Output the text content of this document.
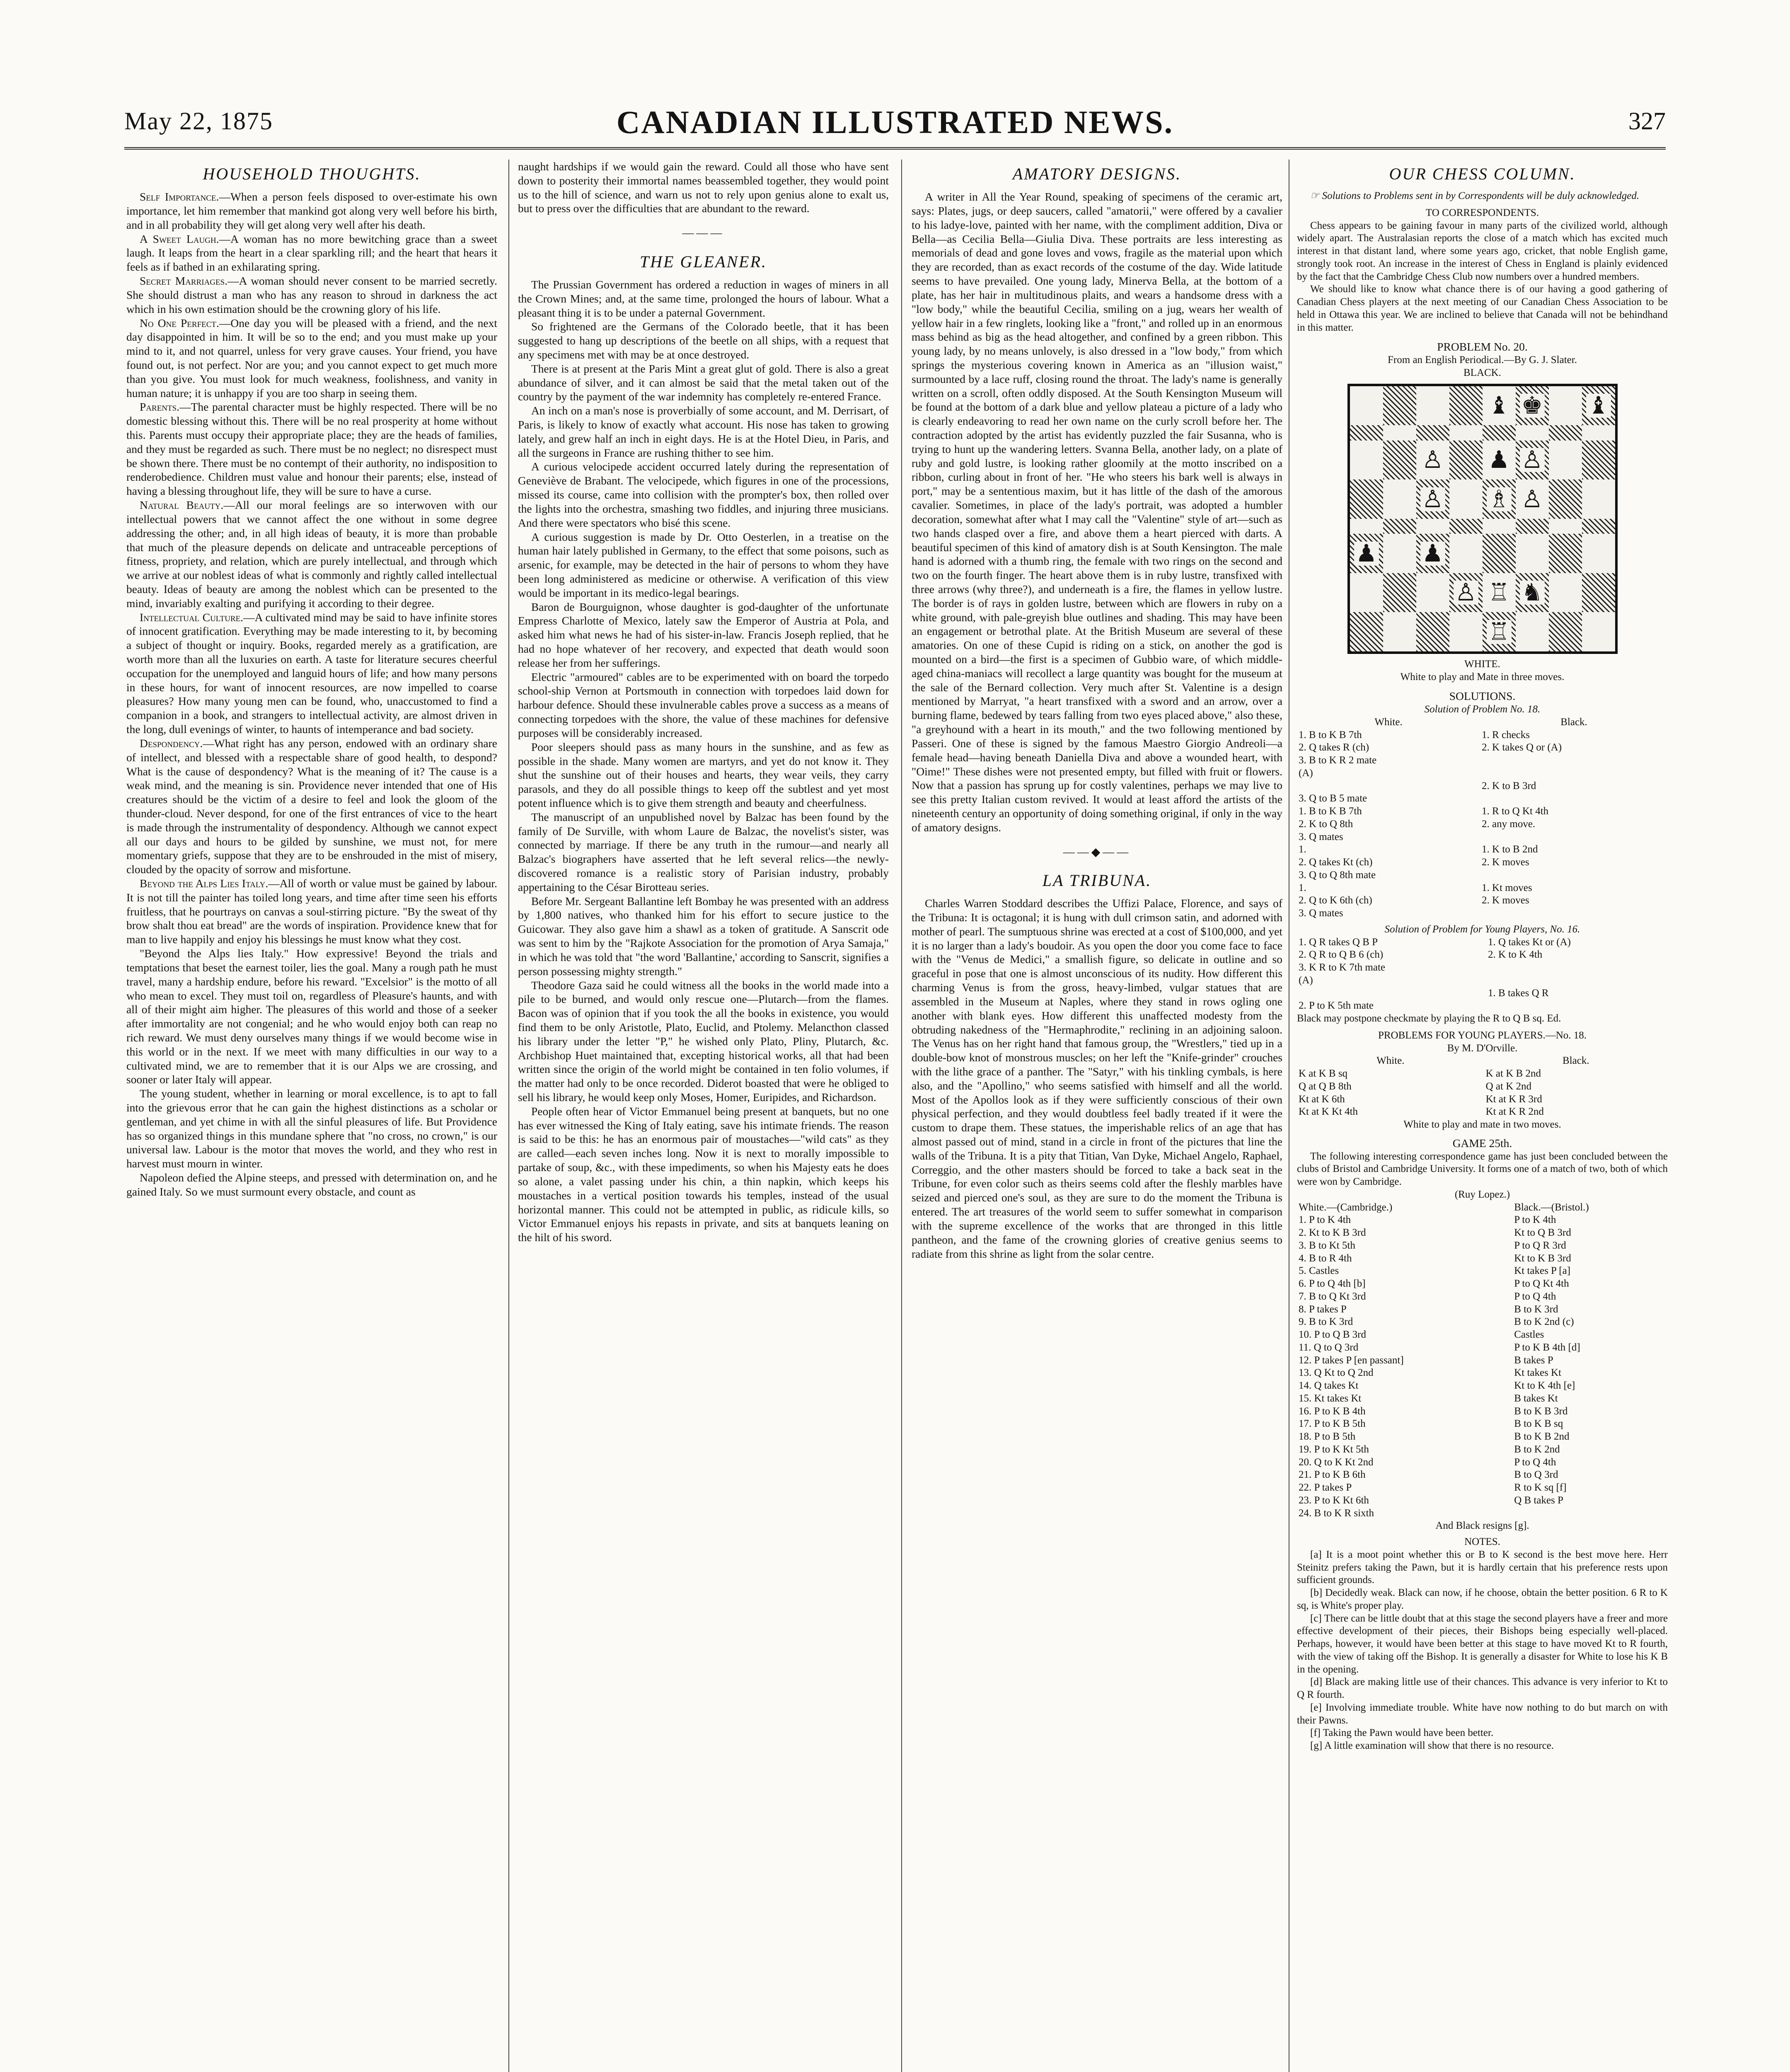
May 22, 1875	CANADIAN ILLUSTRATED NEWS.	327
HOUSEHOLD THOUGHTS.

Self Importance.—When a person feels disposed to over-estimate his own importance, let him remember that mankind got along very well before his birth, and in all probability they will get along very well after his death.

A Sweet Laugh.—A woman has no more bewitching grace than a sweet laugh. It leaps from the heart in a clear sparkling rill; and the heart that hears it feels as if bathed in an exhilarating spring.

Secret Marriages.—A woman should never consent to be married secretly. She should distrust a man who has any reason to shroud in darkness the act which in his own estimation should be the crowning glory of his life.

No One Perfect.—One day you will be pleased with a friend, and the next day disappointed in him. It will be so to the end; and you must make up your mind to it, and not quarrel, unless for very grave causes. Your friend, you have found out, is not perfect. Nor are you; and you cannot expect to get much more than you give. You must look for much weakness, foolishness, and vanity in human nature; it is unhappy if you are too sharp in seeing them.

Parents.—The parental character must be highly respected. There will be no domestic blessing without this. There will be no real prosperity at home without this. Parents must occupy their appropriate place; they are the heads of families, and they must be regarded as such. There must be no neglect; no disrespect must be shown there. There must be no contempt of their authority, no indisposition to renderobedience. Children must value and honour their parents; else, instead of having a blessing throughout life, they will be sure to have a curse.

Natural Beauty.—All our moral feelings are so interwoven with our intellectual powers that we cannot affect the one without in some degree addressing the other; and, in all high ideas of beauty, it is more than probable that much of the pleasure depends on delicate and untraceable perceptions of fitness, propriety, and relation, which are purely intellectual, and through which we arrive at our noblest ideas of what is commonly and rightly called intellectual beauty. Ideas of beauty are among the noblest which can be presented to the mind, invariably exalting and purifying it according to their degree.

Intellectual Culture.—A cultivated mind may be said to have infinite stores of innocent gratification. Everything may be made interesting to it, by becoming a subject of thought or inquiry. Books, regarded merely as a gratification, are worth more than all the luxuries on earth. A taste for literature secures cheerful occupation for the unemployed and languid hours of life; and how many persons in these hours, for want of innocent resources, are now impelled to coarse pleasures? How many young men can be found, who, unaccustomed to find a companion in a book, and strangers to intellectual activity, are almost driven in the long, dull evenings of winter, to haunts of intemperance and bad society.

Despondency.—What right has any person, endowed with an ordinary share of intellect, and blessed with a respectable share of good health, to despond? What is the cause of despondency? What is the meaning of it? The cause is a weak mind, and the meaning is sin. Providence never intended that one of His creatures should be the victim of a desire to feel and look the gloom of the thunder-cloud. Never despond, for one of the first entrances of vice to the heart is made through the instrumentality of despondency. Although we cannot expect all our days and hours to be gilded by sunshine, we must not, for mere momentary griefs, suppose that they are to be enshrouded in the mist of misery, clouded by the opacity of sorrow and misfortune.

Beyond the Alps Lies Italy.—All of worth or value must be gained by labour. It is not till the painter has toiled long years, and time after time seen his efforts fruitless, that he pourtrays on canvas a soul-stirring picture. "By the sweat of thy brow shalt thou eat bread" are the words of inspiration. Providence knew that for man to live happily and enjoy his blessings he must know what they cost.

"Beyond the Alps lies Italy." How expressive! Beyond the trials and temptations that beset the earnest toiler, lies the goal. Many a rough path he must travel, many a hardship endure, before his reward. "Excelsior" is the motto of all who mean to excel. They must toil on, regardless of Pleasure's haunts, and with all of their might aim higher. The pleasures of this world and those of a seeker after immortality are not congenial; and he who would enjoy both can reap no rich reward. We must deny ourselves many things if we would become wise in this world or in the next. If we meet with many difficulties in our way to a cultivated mind, we are to remember that it is our Alps we are crossing, and sooner or later Italy will appear.

The young student, whether in learning or moral excellence, is to apt to fall into the grievous error that he can gain the highest distinctions as a scholar or gentleman, and yet chime in with all the sinful pleasures of life. But Providence has so organized things in this mundane sphere that "no cross, no crown," is our universal law. Labour is the motor that moves the world, and they who rest in harvest must mourn in winter.

Napoleon defied the Alpine steeps, and pressed with determination on, and he gained Italy. So we must surmount every obstacle, and count as

naught hardships if we would gain the reward. Could all those who have sent down to posterity their immortal names beassembled together, they would point us to the hill of science, and warn us not to rely upon genius alone to exalt us, but to press over the difficulties that are abundant to the reward.

———
THE GLEANER.

The Prussian Government has ordered a reduction in wages of miners in all the Crown Mines; and, at the same time, prolonged the hours of labour. What a pleasant thing it is to be under a paternal Government.

So frightened are the Germans of the Colorado beetle, that it has been suggested to hang up descriptions of the beetle on all ships, with a request that any specimens met with may be at once destroyed.

There is at present at the Paris Mint a great glut of gold. There is also a great abundance of silver, and it can almost be said that the metal taken out of the country by the payment of the war indemnity has completely re-entered France.

An inch on a man's nose is proverbially of some account, and M. Derrisart, of Paris, is likely to know of exactly what account. His nose has taken to growing lately, and grew half an inch in eight days. He is at the Hotel Dieu, in Paris, and all the surgeons in France are rushing thither to see him.

A curious velocipede accident occurred lately during the representation of Geneviève de Brabant. The velocipede, which figures in one of the processions, missed its course, came into collision with the prompter's box, then rolled over the lights into the orchestra, smashing two fiddles, and injuring three musicians. And there were spectators who bisé this scene.

A curious suggestion is made by Dr. Otto Oesterlen, in a treatise on the human hair lately published in Germany, to the effect that some poisons, such as arsenic, for example, may be detected in the hair of persons to whom they have been long administered as medicine or otherwise. A verification of this view would be important in its medico-legal bearings.

Baron de Bourguignon, whose daughter is god-daughter of the unfortunate Empress Charlotte of Mexico, lately saw the Emperor of Austria at Pola, and asked him what news he had of his sister-in-law. Francis Joseph replied, that he had no hope whatever of her recovery, and expected that death would soon release her from her sufferings.

Electric "armoured" cables are to be experimented with on board the torpedo school-ship Vernon at Portsmouth in connection with torpedoes laid down for harbour defence. Should these invulnerable cables prove a success as a means of connecting torpedoes with the shore, the value of these machines for defensive purposes will be considerably increased.

Poor sleepers should pass as many hours in the sunshine, and as few as possible in the shade. Many women are martyrs, and yet do not know it. They shut the sunshine out of their houses and hearts, they wear veils, they carry parasols, and they do all possible things to keep off the subtlest and yet most potent influence which is to give them strength and beauty and cheerfulness.

The manuscript of an unpublished novel by Balzac has been found by the family of De Surville, with whom Laure de Balzac, the novelist's sister, was connected by marriage. If there be any truth in the rumour—and nearly all Balzac's biographers have asserted that he left several relics—the newly-discovered romance is a realistic story of Parisian industry, probably appertaining to the César Birotteau series.

Before Mr. Sergeant Ballantine left Bombay he was presented with an address by 1,800 natives, who thanked him for his effort to secure justice to the Guicowar. They also gave him a shawl as a token of gratitude. A Sanscrit ode was sent to him by the "Rajkote Association for the promotion of Arya Samaja," in which he was told that "the word 'Ballantine,' according to Sanscrit, signifies a person possessing mighty strength."

Theodore Gaza said he could witness all the books in the world made into a pile to be burned, and would only rescue one—Plutarch—from the flames. Bacon was of opinion that if you took the all the books in existence, you would find them to be only Aristotle, Plato, Euclid, and Ptolemy. Melancthon classed his library under the letter "P," he wished only Plato, Pliny, Plutarch, &c. Archbishop Huet maintained that, excepting historical works, all that had been written since the origin of the world might be contained in ten folio volumes, if the matter had only to be once recorded. Diderot boasted that were he obliged to sell his library, he would keep only Moses, Homer, Euripides, and Richardson.

People often hear of Victor Emmanuel being present at banquets, but no one has ever witnessed the King of Italy eating, save his intimate friends. The reason is said to be this: he has an enormous pair of moustaches—"wild cats" as they are called—each seven inches long. Now it is next to morally impossible to partake of soup, &c., with these impediments, so when his Majesty eats he does so alone, a valet passing under his chin, a thin napkin, which keeps his moustaches in a vertical position towards his temples, instead of the usual horizontal manner. This could not be attempted in public, as ridicule kills, so Victor Emmanuel enjoys his repasts in private, and sits at banquets leaning on the hilt of his sword.

AMATORY DESIGNS.

A writer in All the Year Round, speaking of specimens of the ceramic art, says: Plates, jugs, or deep saucers, called "amatorii," were offered by a cavalier to his ladye-love, painted with her name, with the compliment addition, Diva or Bella—as Cecilia Bella—Giulia Diva. These portraits are less interesting as memorials of dead and gone loves and vows, fragile as the material upon which they are recorded, than as exact records of the costume of the day. Wide latitude seems to have prevailed. One young lady, Minerva Bella, at the bottom of a plate, has her hair in multitudinous plaits, and wears a handsome dress with a "low body," while the beautiful Cecilia, smiling on a jug, wears her wealth of yellow hair in a few ringlets, looking like a "front," and rolled up in an enormous mass behind as big as the head altogether, and confined by a green ribbon. This young lady, by no means unlovely, is also dressed in a "low body," from which springs the mysterious covering known in America as an "illusion waist," surmounted by a lace ruff, closing round the throat. The lady's name is generally written on a scroll, often oddly disposed. At the South Kensington Museum will be found at the bottom of a dark blue and yellow plateau a picture of a lady who is clearly endeavoring to read her own name on the curly scroll before her. The contraction adopted by the artist has evidently puzzled the fair Susanna, who is trying to hunt up the wandering letters. Svanna Bella, another lady, on a plate of ruby and gold lustre, is looking rather gloomily at the motto inscribed on a ribbon, curling about in front of her. "He who steers his bark well is always in port," may be a sententious maxim, but it has little of the dash of the amorous cavalier. Sometimes, in place of the lady's portrait, was adopted a humbler decoration, somewhat after what I may call the "Valentine" style of art—such as two hands clasped over a fire, and above them a heart pierced with darts. A beautiful specimen of this kind of amatory dish is at South Kensington. The male hand is adorned with a thumb ring, the female with two rings on the second and two on the fourth finger. The heart above them is in ruby lustre, transfixed with three arrows (why three?), and underneath is a fire, the flames in yellow lustre. The border is of rays in golden lustre, between which are flowers in ruby on a white ground, with pale-greyish blue outlines and shading. This may have been an engagement or betrothal plate. At the British Museum are several of these amatories. On one of these Cupid is riding on a stick, on another the god is mounted on a bird—the first is a specimen of Gubbio ware, of which middle-aged china-maniacs will recollect a large quantity was bought for the museum at the sale of the Bernard collection. Very much after St. Valentine is a design mentioned by Marryat, "a heart transfixed with a sword and an arrow, over a burning flame, bedewed by tears falling from two eyes placed above," also these, "a greyhound with a heart in its mouth," and the two following mentioned by Passeri. One of these is signed by the famous Maestro Giorgio Andreoli—a female head—having beneath Daniella Diva and above a wounded heart, with "Oime!" These dishes were not presented empty, but filled with fruit or flowers. Now that a passion has sprung up for costly valentines, perhaps we may live to see this pretty Italian custom revived. It would at least afford the artists of the nineteenth century an opportunity of doing something original, if only in the way of amatory designs.

——◆——
LA TRIBUNA.

Charles Warren Stoddard describes the Uffizi Palace, Florence, and says of the Tribuna: It is octagonal; it is hung with dull crimson satin, and adorned with mother of pearl. The sumptuous shrine was erected at a cost of $100,000, and yet it is no larger than a lady's boudoir. As you open the door you come face to face with the "Venus de Medici," a smallish figure, so delicate in outline and so graceful in pose that one is almost unconscious of its nudity. How different this charming Venus is from the gross, heavy-limbed, vulgar statues that are assembled in the Museum at Naples, where they stand in rows ogling one another with blank eyes. How different this unaffected modesty from the obtruding nakedness of the "Hermaphrodite," reclining in an adjoining saloon. The Venus has on her right hand that famous group, the "Wrestlers," tied up in a double-bow knot of monstrous muscles; on her left the "Knife-grinder" crouches with the lithe grace of a panther. The "Satyr," with his tinkling cymbals, is here also, and the "Apollino," who seems satisfied with himself and all the world. Most of the Apollos look as if they were sufficiently conscious of their own physical perfection, and they would doubtless feel badly treated if it were the custom to drape them. These statues, the imperishable relics of an age that has almost passed out of mind, stand in a circle in front of the pictures that line the walls of the Tribuna. It is a pity that Titian, Van Dyke, Michael Angelo, Raphael, Correggio, and the other masters should be forced to take a back seat in the Tribune, for even color such as theirs seems cold after the fleshly marbles have seized and pierced one's soul, as they are sure to do the moment the Tribuna is entered. The art treasures of the world seem to suffer somewhat in comparison with the supreme excellence of the works that are thronged in this little pantheon, and the fame of the crowning glories of creative genius seems to radiate from this shrine as light from the solar centre.

OUR CHESS COLUMN.

☞ Solutions to Problems sent in by Correspondents will be duly acknowledged.

TO CORRESPONDENTS.

Chess appears to be gaining favour in many parts of the civilized world, although widely apart. The Australasian reports the close of a match which has excited much interest in that distant land, where some years ago, cricket, that noble English game, strongly took root. An increase in the interest of Chess in England is plainly evidenced by the fact that the Cambridge Chess Club now numbers over a hundred members.

We should like to know what chance there is of our having a good gathering of Canadian Chess players at the next meeting of our Canadian Chess Association to be held in Ottawa this year. We are inclined to believe that Canada will not be behindhand in this matter.

PROBLEM No. 20.

From an English Periodical.—By G. J. Slater.

BLACK.

♝ ♚ ♝
♙ ♟ ♙
♙ ♗ ♙
♟ ♟
♙ ♖ ♞
♖

WHITE.

White to play and Mate in three moves.

SOLUTIONS.

Solution of Problem No. 18.

White.	Black.
1. B to K B 7th	1. R checks
2. Q takes R (ch)	2. K takes Q or (A)
3. B to K R 2 mate	
(A)	
	2. K to B 3rd
3. Q to B 5 mate	
1. B to K B 7th	1. R to Q Kt 4th
2. K to Q 8th	2. any move.
3. Q mates	
1.	1. K to B 2nd
2. Q takes Kt (ch)	2. K moves
3. Q to Q 8th mate	
1.	1. Kt moves
2. Q to K 6th (ch)	2. K moves
3. Q mates	

Solution of Problem for Young Players, No. 16.

1. Q R takes Q B P	1. Q takes Kt or (A)
2. Q R to Q B 6 (ch)	2. K to K 4th
3. K R to K 7th mate	
(A)	
	1. B takes Q R
2. P to K 5th mate	

Black may postpone checkmate by playing the R to Q B sq. Ed.

PROBLEMS FOR YOUNG PLAYERS.—No. 18.

By M. D'Orville.

White.	Black.
K at K B sq	K at K B 2nd
Q at Q B 8th	Q at K 2nd
Kt at K 6th	Kt at K R 3rd
Kt at K Kt 4th	Kt at K R 2nd

White to play and mate in two moves.

GAME 25th.

The following interesting correspondence game has just been concluded between the clubs of Bristol and Cambridge University. It forms one of a match of two, both of which were won by Cambridge.

(Ruy Lopez.)

White.—(Cambridge.)	Black.—(Bristol.)
1. P to K 4th	P to K 4th
2. Kt to K B 3rd	Kt to Q B 3rd
3. B to Kt 5th	P to Q R 3rd
4. B to R 4th	Kt to K B 3rd
5. Castles	Kt takes P [a]
6. P to Q 4th [b]	P to Q Kt 4th
7. B to Q Kt 3rd	P to Q 4th
8. P takes P	B to K 3rd
9. B to K 3rd	B to K 2nd (c)
10. P to Q B 3rd	Castles
11. Q to Q 3rd	P to K B 4th [d]
12. P takes P [en passant]	B takes P
13. Q Kt to Q 2nd	Kt takes Kt
14. Q takes Kt	Kt to K 4th [e]
15. Kt takes Kt	B takes Kt
16. P to K B 4th	B to K B 3rd
17. P to K B 5th	B to K B sq
18. P to B 5th	B to K B 2nd
19. P to K Kt 5th	B to K 2nd
20. Q to K Kt 2nd	P to Q 4th
21. P to K B 6th	B to Q 3rd
22. P takes P	R to K sq [f]
23. P to K Kt 6th	Q B takes P
24. B to K R sixth	

And Black resigns [g].

NOTES.

[a] It is a moot point whether this or B to K second is the best move here. Herr Steinitz prefers taking the Pawn, but it is hardly certain that his preference rests upon sufficient grounds.

[b] Decidedly weak. Black can now, if he choose, obtain the better position. 6 R to K sq, is White's proper play.

[c] There can be little doubt that at this stage the second players have a freer and more effective development of their pieces, their Bishops being especially well-placed. Perhaps, however, it would have been better at this stage to have moved Kt to R fourth, with the view of taking off the Bishop. It is generally a disaster for White to lose his K B in the opening.

[d] Black are making little use of their chances. This advance is very inferior to Kt to Q R fourth.

[e] Involving immediate trouble. White have now nothing to do but march on with their Pawns.

[f] Taking the Pawn would have been better.

[g] A little examination will show that there is no resource.
